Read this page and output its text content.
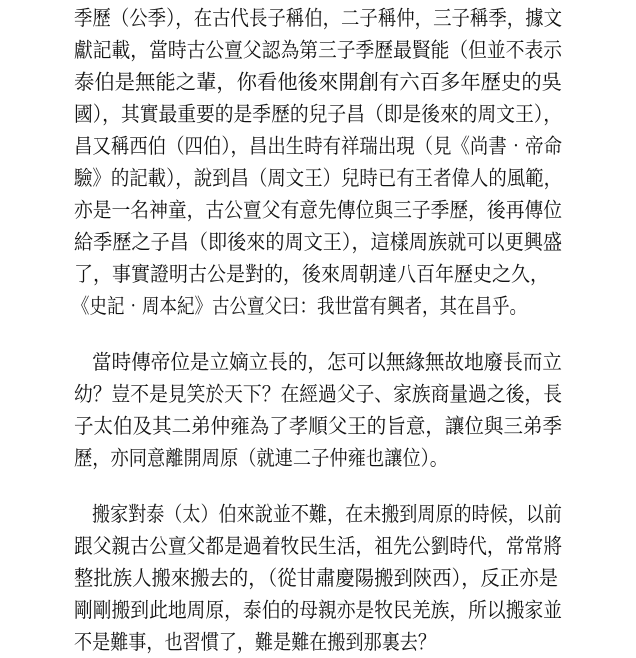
季歷（公季），在古代長子稱伯，二子稱仲，三子稱季，據文
獻記載，當時古公亶父認為第三子季歷最賢能（但並不表示
泰伯是無能之輩，你看他後來開創有六百多年歷史的吳
國），其實最重要的是季歷的兒子昌（即是後來的周文王），
昌又稱西伯（四伯），昌出生時有祥瑞出現（見《尚書‧帝命
驗》的記載），說到昌（周文王）兒時已有王者偉人的風範，
亦是一名神童，古公亶父有意先傳位與三子季歷，後再傳位
給季歷之子昌（即後來的周文王），這樣周族就可以更興盛
了，事實證明古公是對的，後來周朝達八百年歷史之久，
《史記‧周本紀》古公亶父曰：我世當有興者，其在昌乎。
當時傳帝位是立嫡立長的，怎可以無緣無故地廢長而立
幼？豈不是見笑於天下？在經過父子、家族商量過之後，長
子太伯及其二弟仲雍為了孝順父王的旨意，讓位與三弟季
歷，亦同意離開周原（就連二子仲雍也讓位）。
搬家對泰（太）伯來說並不難，在未搬到周原的時候，以前
跟父親古公亶父都是過着牧民生活，祖先公劉時代，常常將
整批族人搬來搬去的，（從甘肅慶陽搬到陝西），反正亦是
剛剛搬到此地周原，泰伯的母親亦是牧民羌族，所以搬家並
不是難事，也習慣了，難是難在搬到那裏去？
